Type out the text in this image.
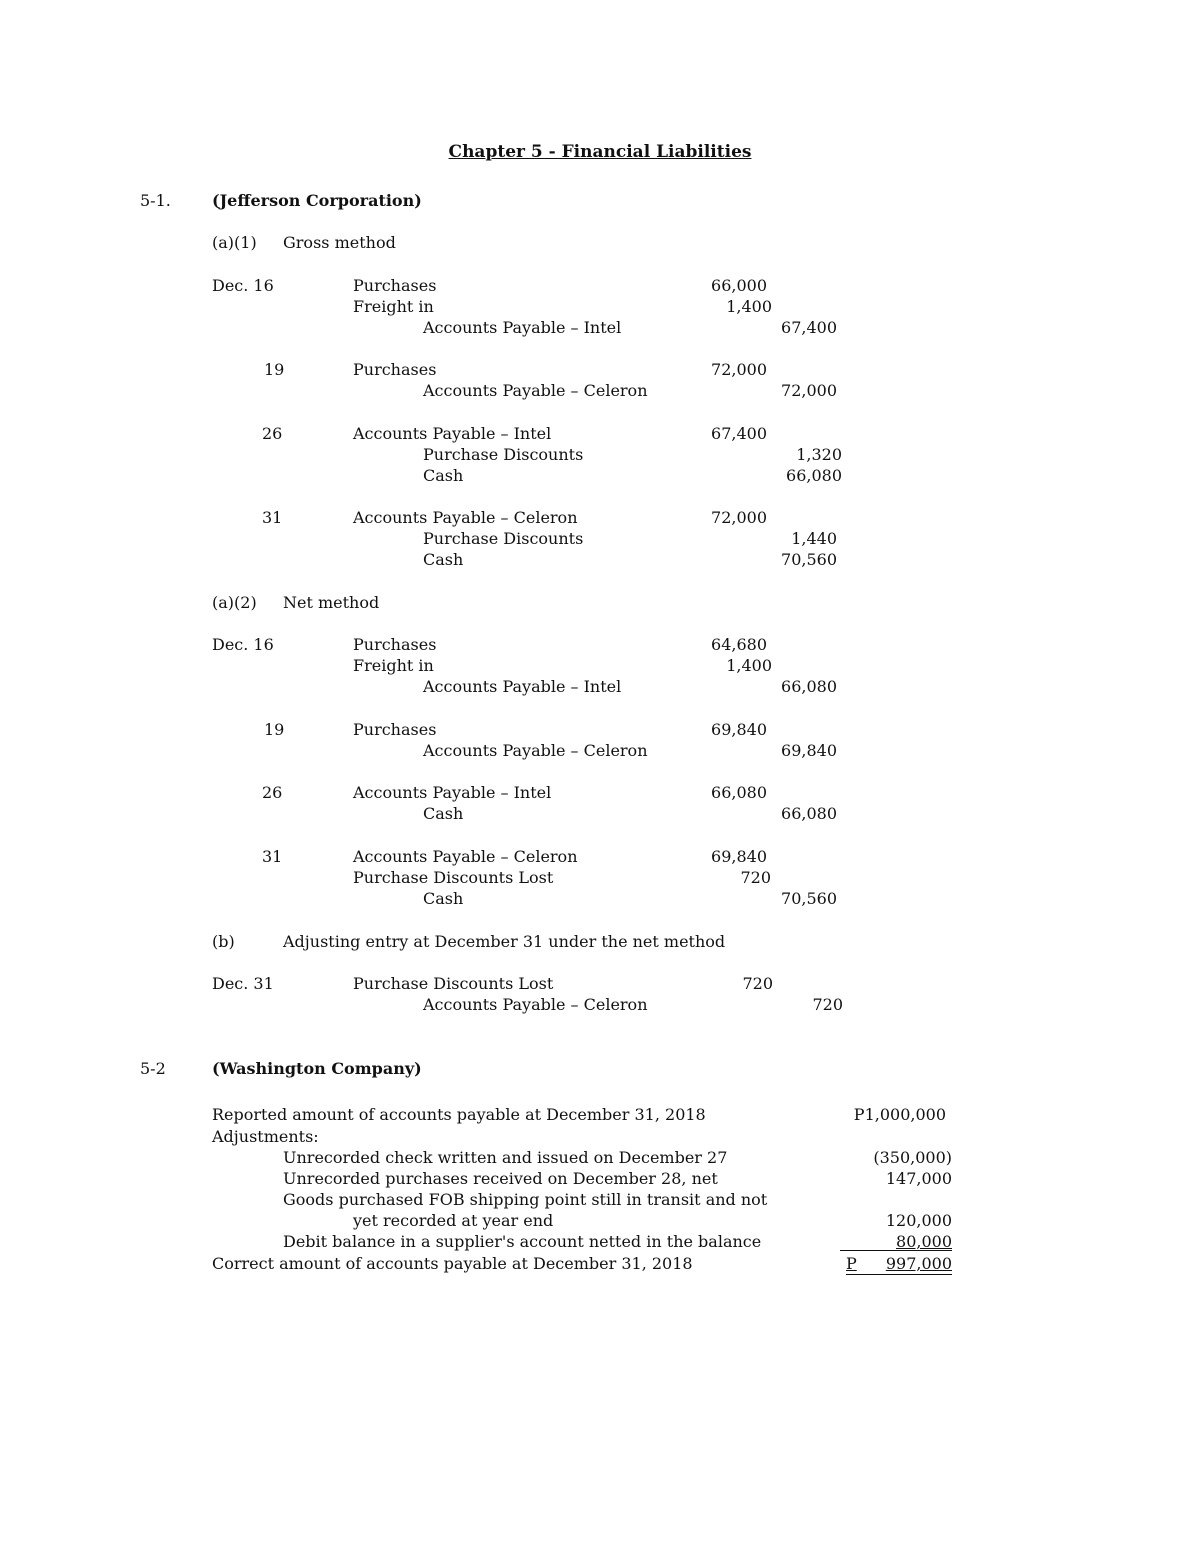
Chapter 5 - Financial Liabilities
5-1.	(Jefferson Corporation)
(a)(1) Gross method
Dec. 16	Purchases	66,000
Freight in	1,400
Accounts Payable – Intel	67,400
19	Purchases	72,000
Accounts Payable – Celeron	72,000
26	Accounts Payable – Intel	67,400
Purchase Discounts	1,320
Cash	66,080
31	Accounts Payable – Celeron	72,000
Purchase Discounts	1,440
Cash	70,560
(a)(2) Net method
Dec. 16	Purchases	64,680
Freight in	1,400
Accounts Payable – Intel	66,080
19	Purchases	69,840
Accounts Payable – Celeron	69,840
26	Accounts Payable – Intel	66,080
Cash	66,080
31	Accounts Payable – Celeron	69,840
Purchase Discounts Lost	720
Cash	70,560
(b)	Adjusting entry at December 31 under the net method
Dec. 31	Purchase Discounts Lost	720
Accounts Payable – Celeron	720
5-2	(Washington Company)
Reported amount of accounts payable at December 31, 2018	P1,000,000
Adjustments:
Unrecorded check written and issued on December 27	(350,000)
Unrecorded purchases received on December 28, net	147,000
Goods purchased FOB shipping point still in transit and not
yet recorded at year end	120,000
Debit balance in a supplier's account netted in the balance	80,000
Correct amount of accounts payable at December 31, 2018	P	997,000
